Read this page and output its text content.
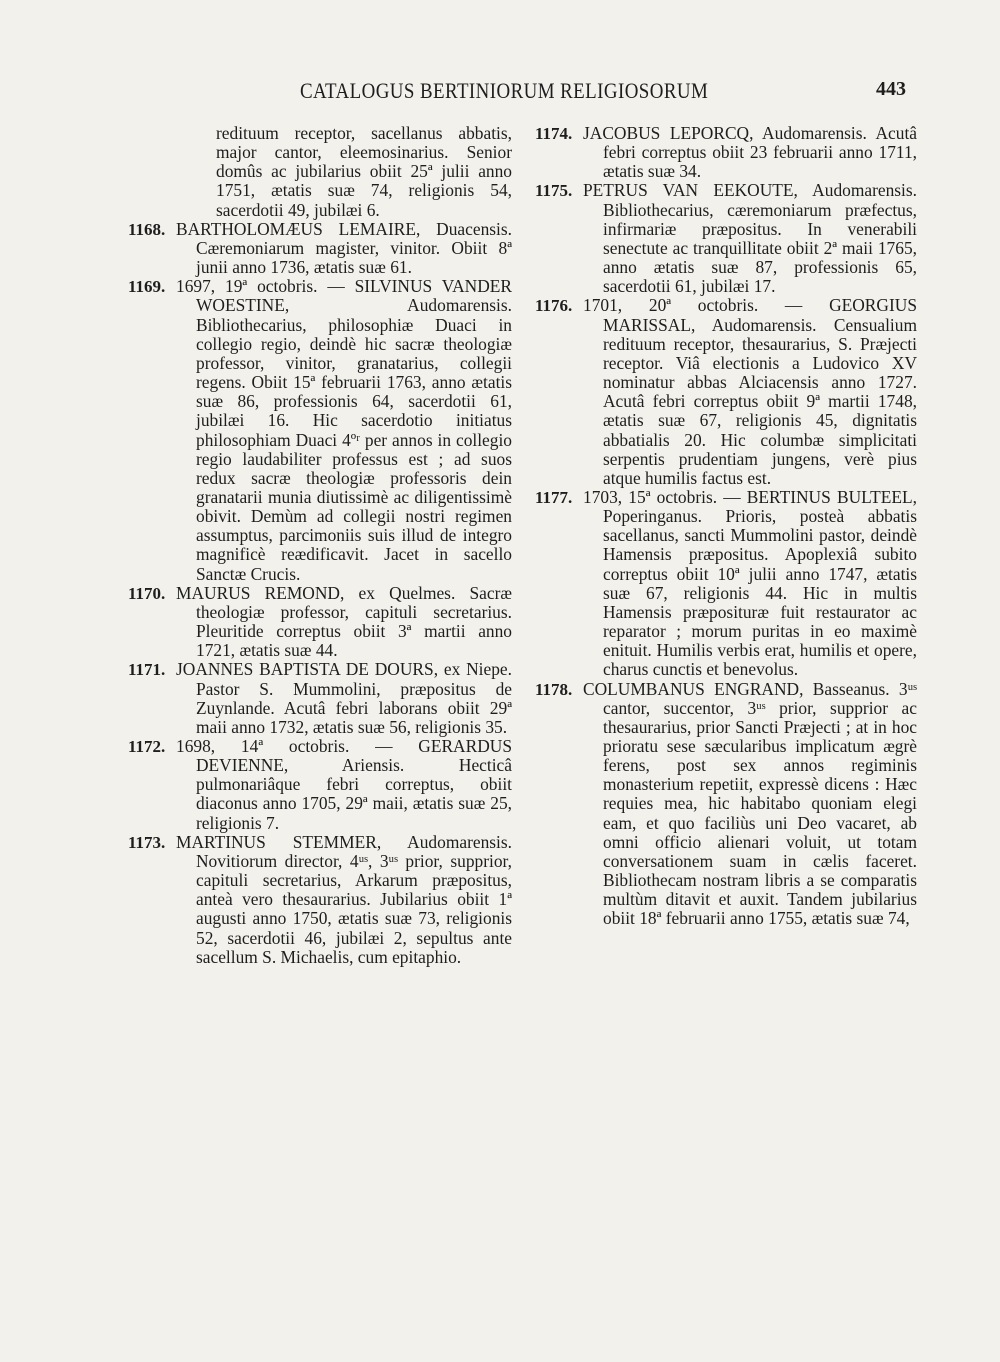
CATALOGUS BERTINIORUM RELIGIOSORUM	443
redituum receptor, sacellanus abbatis, major cantor, eleemosinarius. Senior domûs ac jubilarius obiit 25ª julii anno 1751, ætatis suæ 74, religionis 54, sacerdotii 49, jubilæi 6.
1168. BARTHOLOMÆUS LEMAIRE, Duacensis. Cæremoniarum magister, vinitor. Obiit 8ª junii anno 1736, ætatis suæ 61.
1169. 1697, 19ª octobris. — SILVINUS VANDER WOESTINE, Audomarensis. Bibliothecarius, philosophiæ Duaci in collegio regio, deindè hic sacræ theologiæ professor, vinitor, granatarius, collegii regens. Obiit 15ª februarii 1763, anno ætatis suæ 86, professionis 64, sacerdotii 61, jubilæi 16. Hic sacerdotio initiatus philosophiam Duaci 4ºʳ per annos in collegio regio laudabiliter professus est ; ad suos redux sacræ theologiæ professoris dein granatarii munia diutissimè ac diligentissimè obivit. Demùm ad collegii nostri regimen assumptus, parcimoniis suis illud de integro magnificè reædificavit. Jacet in sacello Sanctæ Crucis.
1170. MAURUS REMOND, ex Quelmes. Sacræ theologiæ professor, capituli secretarius. Pleuritide correptus obiit 3ª martii anno 1721, ætatis suæ 44.
1171. JOANNES BAPTISTA DE DOURS, ex Niepe. Pastor S. Mummolini, præpositus de Zuynlande. Acutâ febri laborans obiit 29ª maii anno 1732, ætatis suæ 56, religionis 35.
1172. 1698, 14ª octobris. — GERARDUS DEVIENNE, Ariensis. Hecticâ pulmonariâque febri correptus, obiit diaconus anno 1705, 29ª maii, ætatis suæ 25, religionis 7.
1173. MARTINUS STEMMER, Audomarensis. Novitiorum director, 4ᵘˢ, 3ᵘˢ prior, supprior, capituli secretarius, Arkarum præpositus, anteà vero thesaurarius. Jubilarius obiit 1ª augusti anno 1750, ætatis suæ 73, religionis 52, sacerdotii 46, jubilæi 2, sepultus ante sacellum S. Michaelis, cum epitaphio.
1174. JACOBUS LEPORCQ, Audomarensis. Acutâ febri correptus obiit 23 februarii anno 1711, ætatis suæ 34.
1175. PETRUS VAN EEKOUTE, Audomarensis. Bibliothecarius, cæremoniarum præfectus, infirmariæ præpositus. In venerabili senectute ac tranquillitate obiit 2ª maii 1765, anno ætatis suæ 87, professionis 65, sacerdotii 61, jubilæi 17.
1176. 1701, 20ª octobris. — GEORGIUS MARISSAL, Audomarensis. Censualium redituum receptor, thesaurarius, S. Præjecti receptor. Viâ electionis a Ludovico XV nominatur abbas Alciacensis anno 1727. Acutâ febri correptus obiit 9ª martii 1748, ætatis suæ 67, religionis 45, dignitatis abbatialis 20. Hic columbæ simplicitati serpentis prudentiam jungens, verè pius atque humilis factus est.
1177. 1703, 15ª octobris. — BERTINUS BULTEEL, Poperinganus. Prioris, posteà abbatis sacellanus, sancti Mummolini pastor, deindè Hamensis præpositus. Apoplexiâ subito correptus obiit 10ª julii anno 1747, ætatis suæ 67, religionis 44. Hic in multis Hamensis præposituræ fuit restaurator ac reparator ; morum puritas in eo maximè enituit. Humilis verbis erat, humilis et opere, charus cunctis et benevolus.
1178. COLUMBANUS ENGRAND, Basseanus. 3ᵘˢ cantor, succentor, 3ᵘˢ prior, supprior ac thesaurarius, prior Sancti Præjecti ; at in hoc prioratu sese sæcularibus implicatum ægrè ferens, post sex annos regiminis monasterium repetiit, expressè dicens : Hæc requies mea, hic habitabo quoniam elegi eam, et quo faciliùs uni Deo vacaret, ab omni officio alienari voluit, ut totam conversationem suam in cælis faceret. Bibliothecam nostram libris a se comparatis multùm ditavit et auxit. Tandem jubilarius obiit 18ª februarii anno 1755, ætatis suæ 74,
